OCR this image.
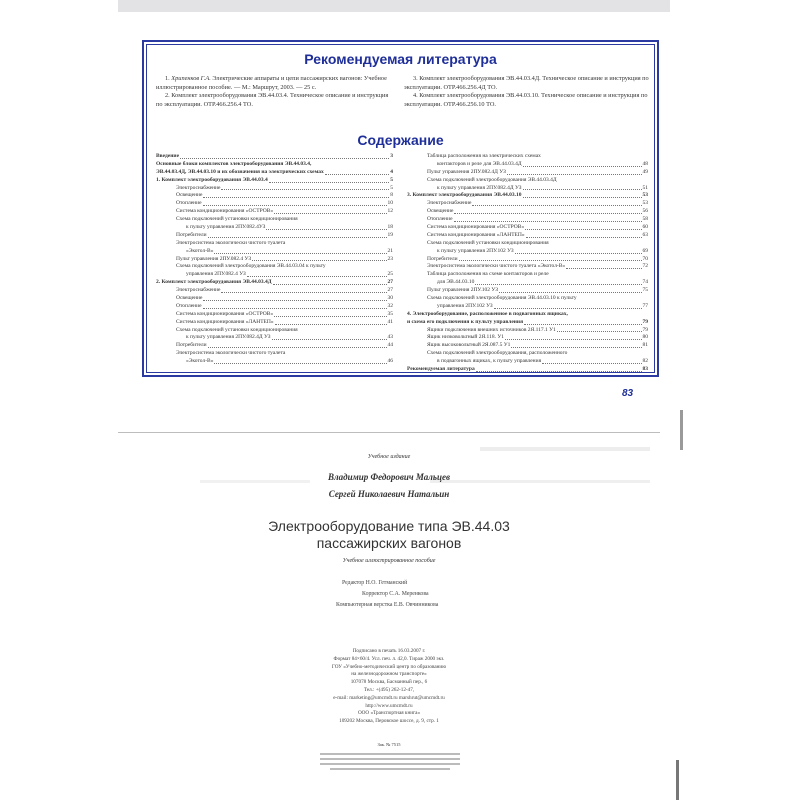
Рекомендуемая литература

1. Хрипенков Г.А. Электрические аппараты и цепи пассажирских вагонов: Учебное иллюстрированное пособие. — М.: Маршрут, 2003. — 25 с.

2. Комплект электрооборудования ЭВ.44.03.4. Техническое описание и инструкция по эксплуатации. ОТР.466.256.4 ТО.

3. Комплект электрооборудования ЭВ.44.03.4Д. Техническое описание и инструкция по эксплуатации. ОТР.466.256.4Д ТО.

4. Комплект электрооборудования ЭВ.44.03.10. Техническое описание и инструкция по эксплуатации. ОТР.466.256.10 ТО.

Содержание
Введение	3
Основные блоки комплектов электрооборудования ЭВ.44.03.4,
ЭВ.44.03.4Д, ЭВ.44.03.10 и их обозначения на электрических схемах	4
1. Комплект электрооборудования ЭВ.44.03.4	5
Электроснабжение	5
Освещение	8
Отопление	10
Система кондиционирования «ОСТРОВ»	12
Схема подключений установки кондиционирования
к пульту управления 2ПУ.082.4УЗ	18
Потребители	19
Электросистема экологически чистого туалета
«Экотол-В»	21
Пульт управления 2ПУ.082.4 УЗ	23
Схема подключений электрооборудования ЭВ.44.03.04 к пульту
управления 2ПУ.082.4 УЗ	25
2. Комплект электрооборудования ЭВ.44.03.4Д	27
Электроснабжение	27
Освещение	30
Отопление	32
Система кондиционирования «ОСТРОВ»	35
Система кондиционирования «ЛАНТЕП»	41
Схема подключений установки кондиционирования
к пульту управления 2ПУ.082.4Д УЗ	43
Потребители	44
Электросистема экологически чистого туалета
«Экотол-В»	46
Таблица расположения на электрических схемах
контакторов и реле для ЭВ.44.03.4Д	48
Пульт управления 2ПУ.082.4Д УЗ	49
Схема подключений электрооборудования ЭВ.44.03.4Д
к пульту управления 2ПУ.082.4Д УЗ	51
3. Комплект электрооборудования ЭВ.44.03.10	53
Электроснабжение	53
Освещение	56
Отопление	58
Система кондиционирования «ОСТРОВ»	60
Система кондиционирования «ЛАНТЕП»	63
Схема подключений установки кондиционирования
к пульту управления 2ПУ.102 УЗ	69
Потребители	70
Электросистема экологически чистого туалета «Экотол-В»	72
Таблица расположения на схеме контакторов и реле
для ЭВ.44.03.10	74
Пульт управления 2ПУ.102 УЗ	75
Схема подключений электрооборудования ЭВ.44.03.10 к пульту
управления 2ПУ.102 УЗ	77
4. Электрооборудование, расположенное в подвагонных ящиках,
и схема его подключения к пульту управления	79
Ящики подключения внешних источников 2Я.117.1 У1	79
Ящик низковольтный 2Я.118. У1	80
Ящик высоковольтный 2Я.087.5 У1	81
Схема подключений электрооборудования, расположенного
в подвагонных ящиках, к пульту управления	82
Рекомендуемая литература	83
83
Учебное издание
Владимир Федорович Мальцев
Сергей Николаевич Натальин
Электрооборудование типа ЭВ.44.03
пассажирских вагонов
Учебное иллюстрированное пособие
Редактор Н.О. Гетманский
Корректор С.А. Меренкова
Компьютерная верстка Е.В. Овчинникова
Подписано в печать 16.03.2007 г.
Формат 84×60/4. Усл. печ. л. 42,0. Тираж 2000 экз.
ГОУ «Учебно-методический центр по образованию
на железнодорожном транспорте»
107078 Москва, Басманный пер., 6
Тел.: +(495) 262-12-47,
e-mail: marketing@umcmdt.ru marshrut@umcmdt.ru
http://www.umcmdt.ru
ООО «Транспортная книга»
109202 Москва, Перовское шоссе, д. 9, стр. 1
Зак. № 7515
